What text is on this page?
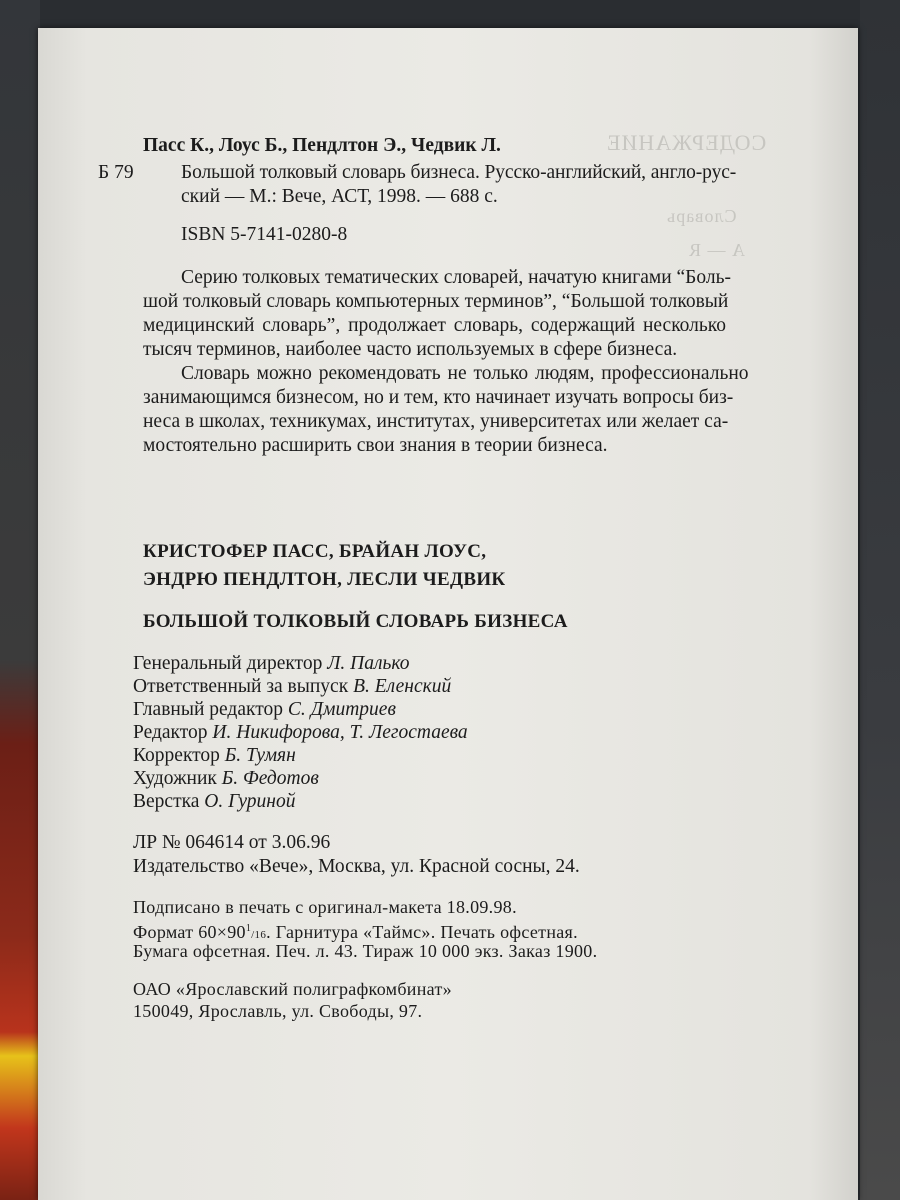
СОДЕРЖАНИЕ
Словарь
А — R
Пасс К., Лоус Б., Пендлтон Э., Чедвик Л.
Б 79 Большой толковый словарь бизнеса. Русско-английский, англо-рус-
ский — М.: Вече, АСТ, 1998. — 688 с.
ISBN 5-7141-0280-8
Серию толковых тематических словарей, начатую книгами “Боль-
шой толковый словарь компьютерных терминов”, “Большой толковый
медицинский словарь”, продолжает словарь, содержащий несколько
тысяч терминов, наиболее часто используемых в сфере бизнеса.
Словарь можно рекомендовать не только людям, профессионально
занимающимся бизнесом, но и тем, кто начинает изучать вопросы биз-
неса в школах, техникумах, институтах, университетах или желает са-
мостоятельно расширить свои знания в теории бизнеса.
КРИСТОФЕР ПАСС, БРАЙАН ЛОУС,
ЭНДРЮ ПЕНДЛТОН, ЛЕСЛИ ЧЕДВИК
БОЛЬШОЙ ТОЛКОВЫЙ СЛОВАРЬ БИЗНЕСА
Генеральный директор Л. Палько
Ответственный за выпуск В. Еленский
Главный редактор С. Дмитриев
Редактор И. Никифорова, Т. Легостаева
Корректор Б. Тумян
Художник Б. Федотов
Верстка О. Гуриной
ЛР № 064614 от 3.06.96
Издательство «Вече», Москва, ул. Красной сосны, 24.
Подписано в печать с оригинал-макета 18.09.98.
Формат $60\times 90^1/16$. Гарнитура «Таймс». Печать офсетная.
Бумага офсетная. Печ. л. 43. Тираж 10 000 экз. Заказ 1900.
ОАО «Ярославский полиграфкомбинат»
150049, Ярославль, ул. Свободы, 97.
